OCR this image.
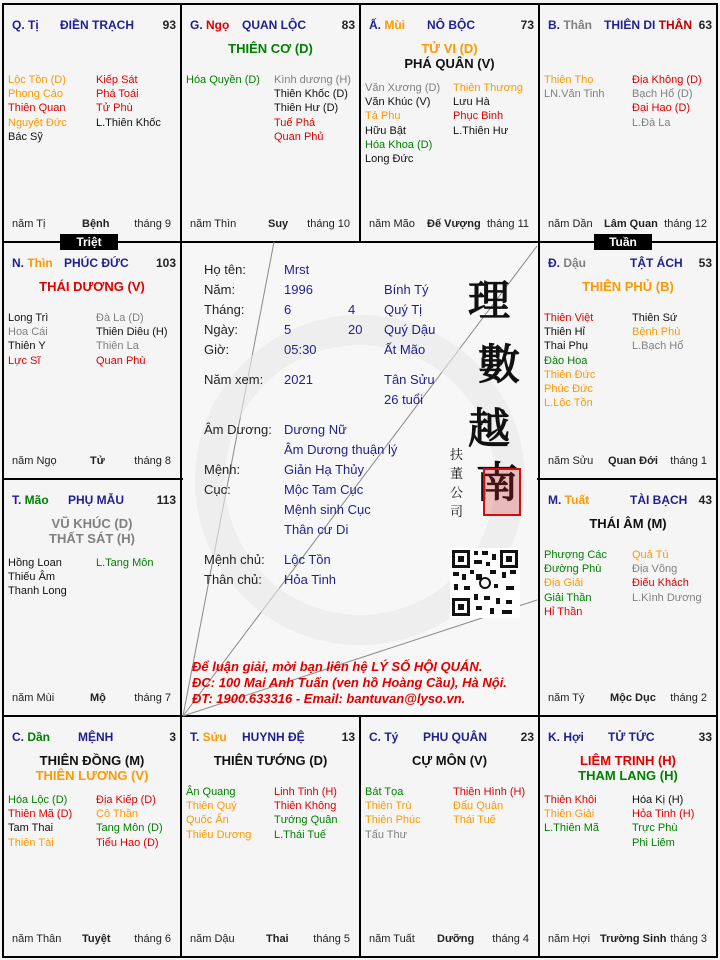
Q. Tị ĐIỀN TRẠCH 93
Lộc Tồn (D)
Phong Cáo
Thiên Quan
Nguyệt Đức
Bác Sỹ
Kiếp Sát
Phá Toái
Tử Phù
L.Thiên Khốc
năm Tị	Bệnh tháng 9
G. Ngọ QUAN LỘC	83
THIÊN CƠ (D)
Hóa Quyền (D) Kình dương (H)
Thiên Khốc (D)
Thiên Hư (D)
Tuế Phá
Quan Phủ
năm Thìn	Suy tháng 10
Ấ. Mùi NÔ BỘC	73
TỬ VI (D)
PHÁ QUÂN (V)
Văn Xương (D)
Văn Khúc (V)
Tả Phụ
Hữu Bật
Hóa Khoa (D)
Long Đức
Thiên Thương
Lưu Hà
Phục Binh
L.Thiên Hư
năm Mão Đế Vượng tháng 11
B. Thân THIÊN DI THÂN 63
Thiên Thọ
LN.Văn Tinh
Địa Không (D)
Bạch Hổ (D)
Đại Hao (D)
L.Đà La
năm Dần Lâm Quan tháng 12
N. Thìn PHÚC ĐỨC 103
THÁI DƯƠNG (V)
Long Trì
Hoa Cái
Thiên Y
Lực Sĩ
Đà La (D)
Thiên Diêu (H)
Thiên La
Quan Phù
năm Ngọ	Tử	tháng 8
Đ. Dậu	TẬT ÁCH 53
THIÊN PHỦ (B)
Thiên Việt
Thiên Hỉ
Thai Phụ
Đào Hoa
Thiên Đức
Phúc Đức
L.Lộc Tồn
Thiên Sứ
Bệnh Phù
L.Bạch Hổ
năm Sửu Quan Đới tháng 1
T. Mão PHỤ MẪU	113
VŨ KHÚC (D)
THẤT SÁT (H)
Hồng Loan
Thiếu Âm
Thanh Long
L.Tang Môn
năm Mùi	Mộ	tháng 7
M. Tuất	TÀI BẠCH 43
THÁI ÂM (M)
Phượng Các
Đường Phù
Địa Giải
Giải Thần
Hỉ Thần
Quả Tú
Địa Võng
Điếu Khách
L.Kình Dương
năm Tý Mộc Dục tháng 2
C. Dần MỆNH	3
THIÊN ĐỒNG (M)
THIÊN LƯƠNG (V)
Hóa Lộc (D)
Thiên Mã (D)
Tam Thai
Thiên Tài
Địa Kiếp (D)
Cô Thần
Tang Môn (D)
Tiểu Hao (D)
năm Thân Tuyệt tháng 6
T. Sửu HUYNH ĐỆ	13
THIÊN TƯỚNG (D)
Ân Quang
Thiên Quý
Quốc Ấn
Thiếu Dương
Linh Tinh (H)
Thiên Không
Tướng Quân
L.Thái Tuế
năm Dậu	Thai tháng 5
C. Tý PHU QUÂN	23
CỰ MÔN (V)
Bát Tọa
Thiên Trù
Thiên Phúc
Tấu Thư
Thiên Hình (H)
Đẩu Quân
Thái Tuế
năm Tuất Dưỡng tháng 4
K. Hợi TỬ TỨC	33
LIÊM TRINH (H)
THAM LANG (H)
Thiên Khôi
Thiên Giải
L.Thiên Mã
Hóa Kị (H)
Hỏa Tinh (H)
Trực Phù
Phi Liêm
năm Hợi Trường Sinh tháng 3
Triệt	Tuần
Họ tên:	Mrst
Năm:	1996	Bính Tý
Tháng:	6	4 Quý Tị
Ngày:	5	20 Quý Dậu
Giờ:	05:30	Ất Mão
Năm xem: 2021	Tân Sửu
26 tuổi
Âm Dương: Dương Nữ
Âm Dương thuận lý
Mệnh:	Giản Hạ Thủy
Cục:	Mộc Tam Cục
Mệnh sinh Cục
Thân cư Di
Mệnh chủ: Lộc Tồn
Thân chủ: Hỏa Tinh
理
數
越
南
扶
董
公
司
Để luận giải, mời bạn liên hệ LÝ SỐ HỘI QUÁN.
ĐC: 100 Mai Anh Tuấn (ven hồ Hoàng Cầu), Hà Nội.
ĐT: 1900.633316 - Email: bantuvan@lyso.vn.
